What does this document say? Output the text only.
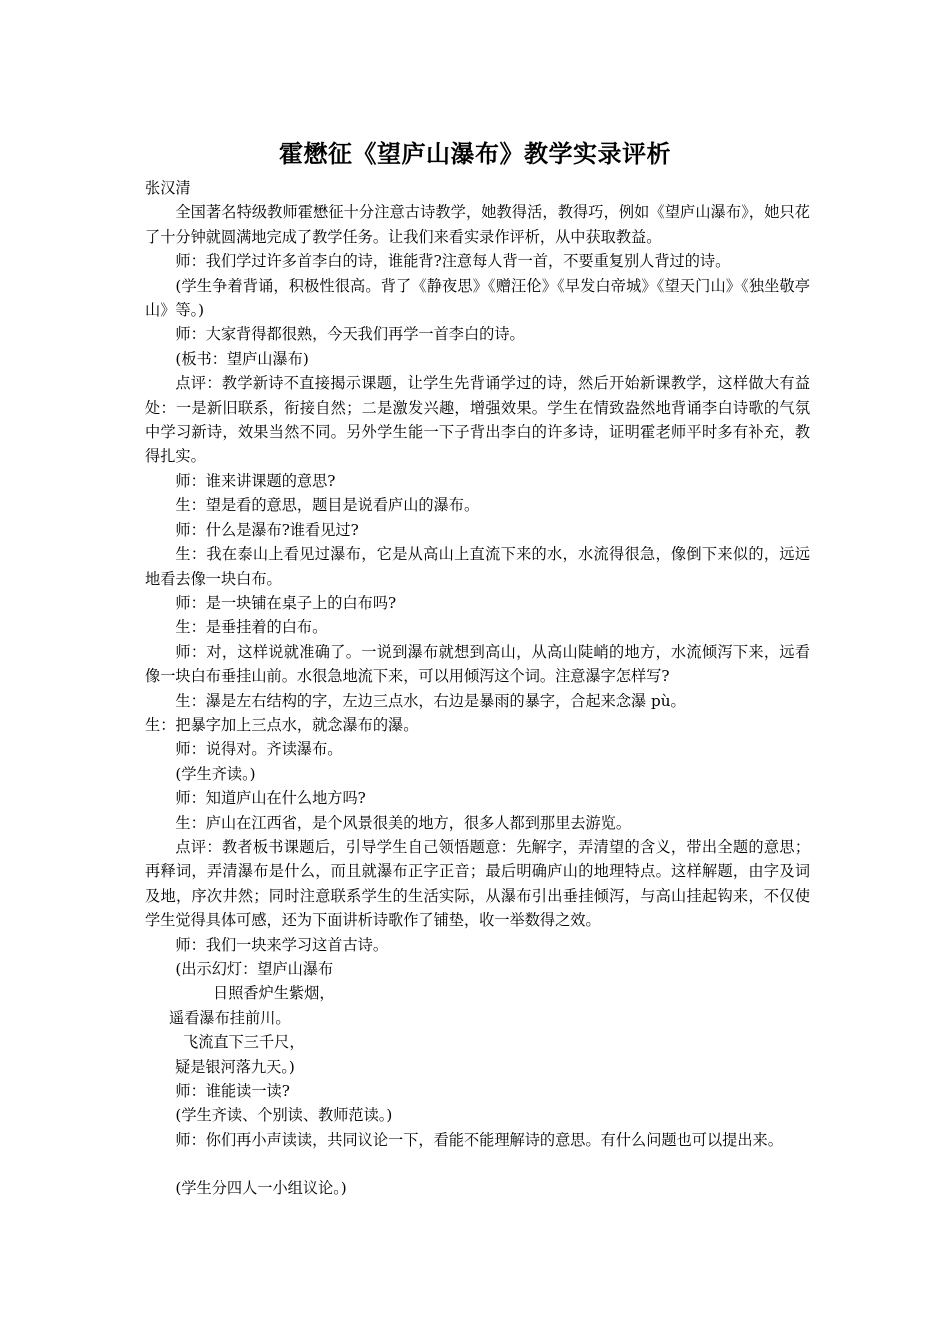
霍懋征《望庐山瀑布》教学实录评析

张汉清

全国著名特级教师霍懋征十分注意古诗教学，她教得活，教得巧，例如《望庐山瀑布》，她只花了十分钟就圆满地完成了教学任务。让我们来看实录作评析，从中获取教益。

师：我们学过许多首李白的诗，谁能背?注意每人背一首，不要重复别人背过的诗。

(学生争着背诵，积极性很高。背了《静夜思》《赠汪伦》《早发白帝城》《望天门山》《独坐敬亭山》等。)

师：大家背得都很熟，今天我们再学一首李白的诗。

(板书：望庐山瀑布)

点评：教学新诗不直接揭示课题，让学生先背诵学过的诗，然后开始新课教学，这样做大有益处：一是新旧联系，衔接自然；二是激发兴趣，增强效果。学生在情致盎然地背诵李白诗歌的气氛中学习新诗，效果当然不同。另外学生能一下子背出李白的许多诗，证明霍老师平时多有补充，教得扎实。

师：谁来讲课题的意思?

生：望是看的意思，题目是说看庐山的瀑布。

师：什么是瀑布?谁看见过?

生：我在泰山上看见过瀑布，它是从高山上直流下来的水，水流得很急，像倒下来似的，远远地看去像一块白布。

师：是一块铺在桌子上的白布吗?

生：是垂挂着的白布。

师：对，这样说就准确了。一说到瀑布就想到高山，从高山陡峭的地方，水流倾泻下来，远看像一块白布垂挂山前。水很急地流下来，可以用倾泻这个词。注意瀑字怎样写?

生：瀑是左右结构的字，左边三点水，右边是暴雨的暴字，合起来念瀑 pù。

生：把暴字加上三点水，就念瀑布的瀑。

师：说得对。齐读瀑布。

(学生齐读。)

师：知道庐山在什么地方吗?

生：庐山在江西省，是个风景很美的地方，很多人都到那里去游览。

点评：教者板书课题后，引导学生自己领悟题意：先解字，弄清望的含义，带出全题的意思；再释词，弄清瀑布是什么，而且就瀑布正字正音；最后明确庐山的地理特点。这样解题，由字及词及地，序次井然；同时注意联系学生的生活实际，从瀑布引出垂挂倾泻，与高山挂起钩来，不仅使学生觉得具体可感，还为下面讲析诗歌作了铺垫，收一举数得之效。

师：我们一块来学习这首古诗。

(出示幻灯：望庐山瀑布

日照香炉生紫烟，

遥看瀑布挂前川。

飞流直下三千尺，

疑是银河落九天。)

师：谁能读一读?

(学生齐读、个别读、教师范读。)

师：你们再小声读读，共同议论一下，看能不能理解诗的意思。有什么问题也可以提出来。

(学生分四人一小组议论。)
